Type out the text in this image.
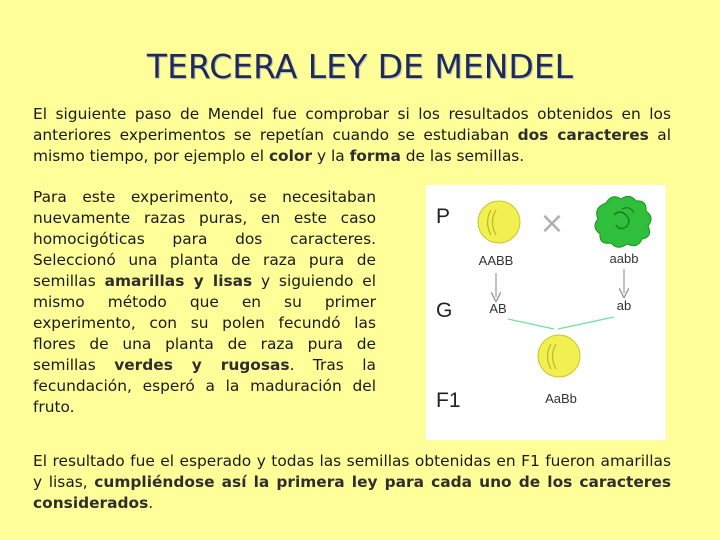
TERCERA LEY DE MENDEL

El siguiente paso de Mendel fue comprobar si los resultados obtenidos en los anteriores experimentos se repetían cuando se estudiaban dos caracteres al mismo tiempo, por ejemplo el color y la forma de las semillas.

Para este experimento, se necesitaban nuevamente razas puras, en este caso homocigóticas para dos caracteres. Seleccionó una planta de raza pura de semillas amarillas y lisas y siguiendo el mismo método que en su primer experimento, con su polen fecundó las flores de una planta de raza pura de semillas verdes y rugosas. Tras la fecundación, esperó a la maduración del fruto.

P
G
F1
×
AABB	aabb
AB	ab
AaBb

El resultado fue el esperado y todas las semillas obtenidas en F1 fueron amarillas y lisas, cumpliéndose así la primera ley para cada uno de los caracteres considerados.
